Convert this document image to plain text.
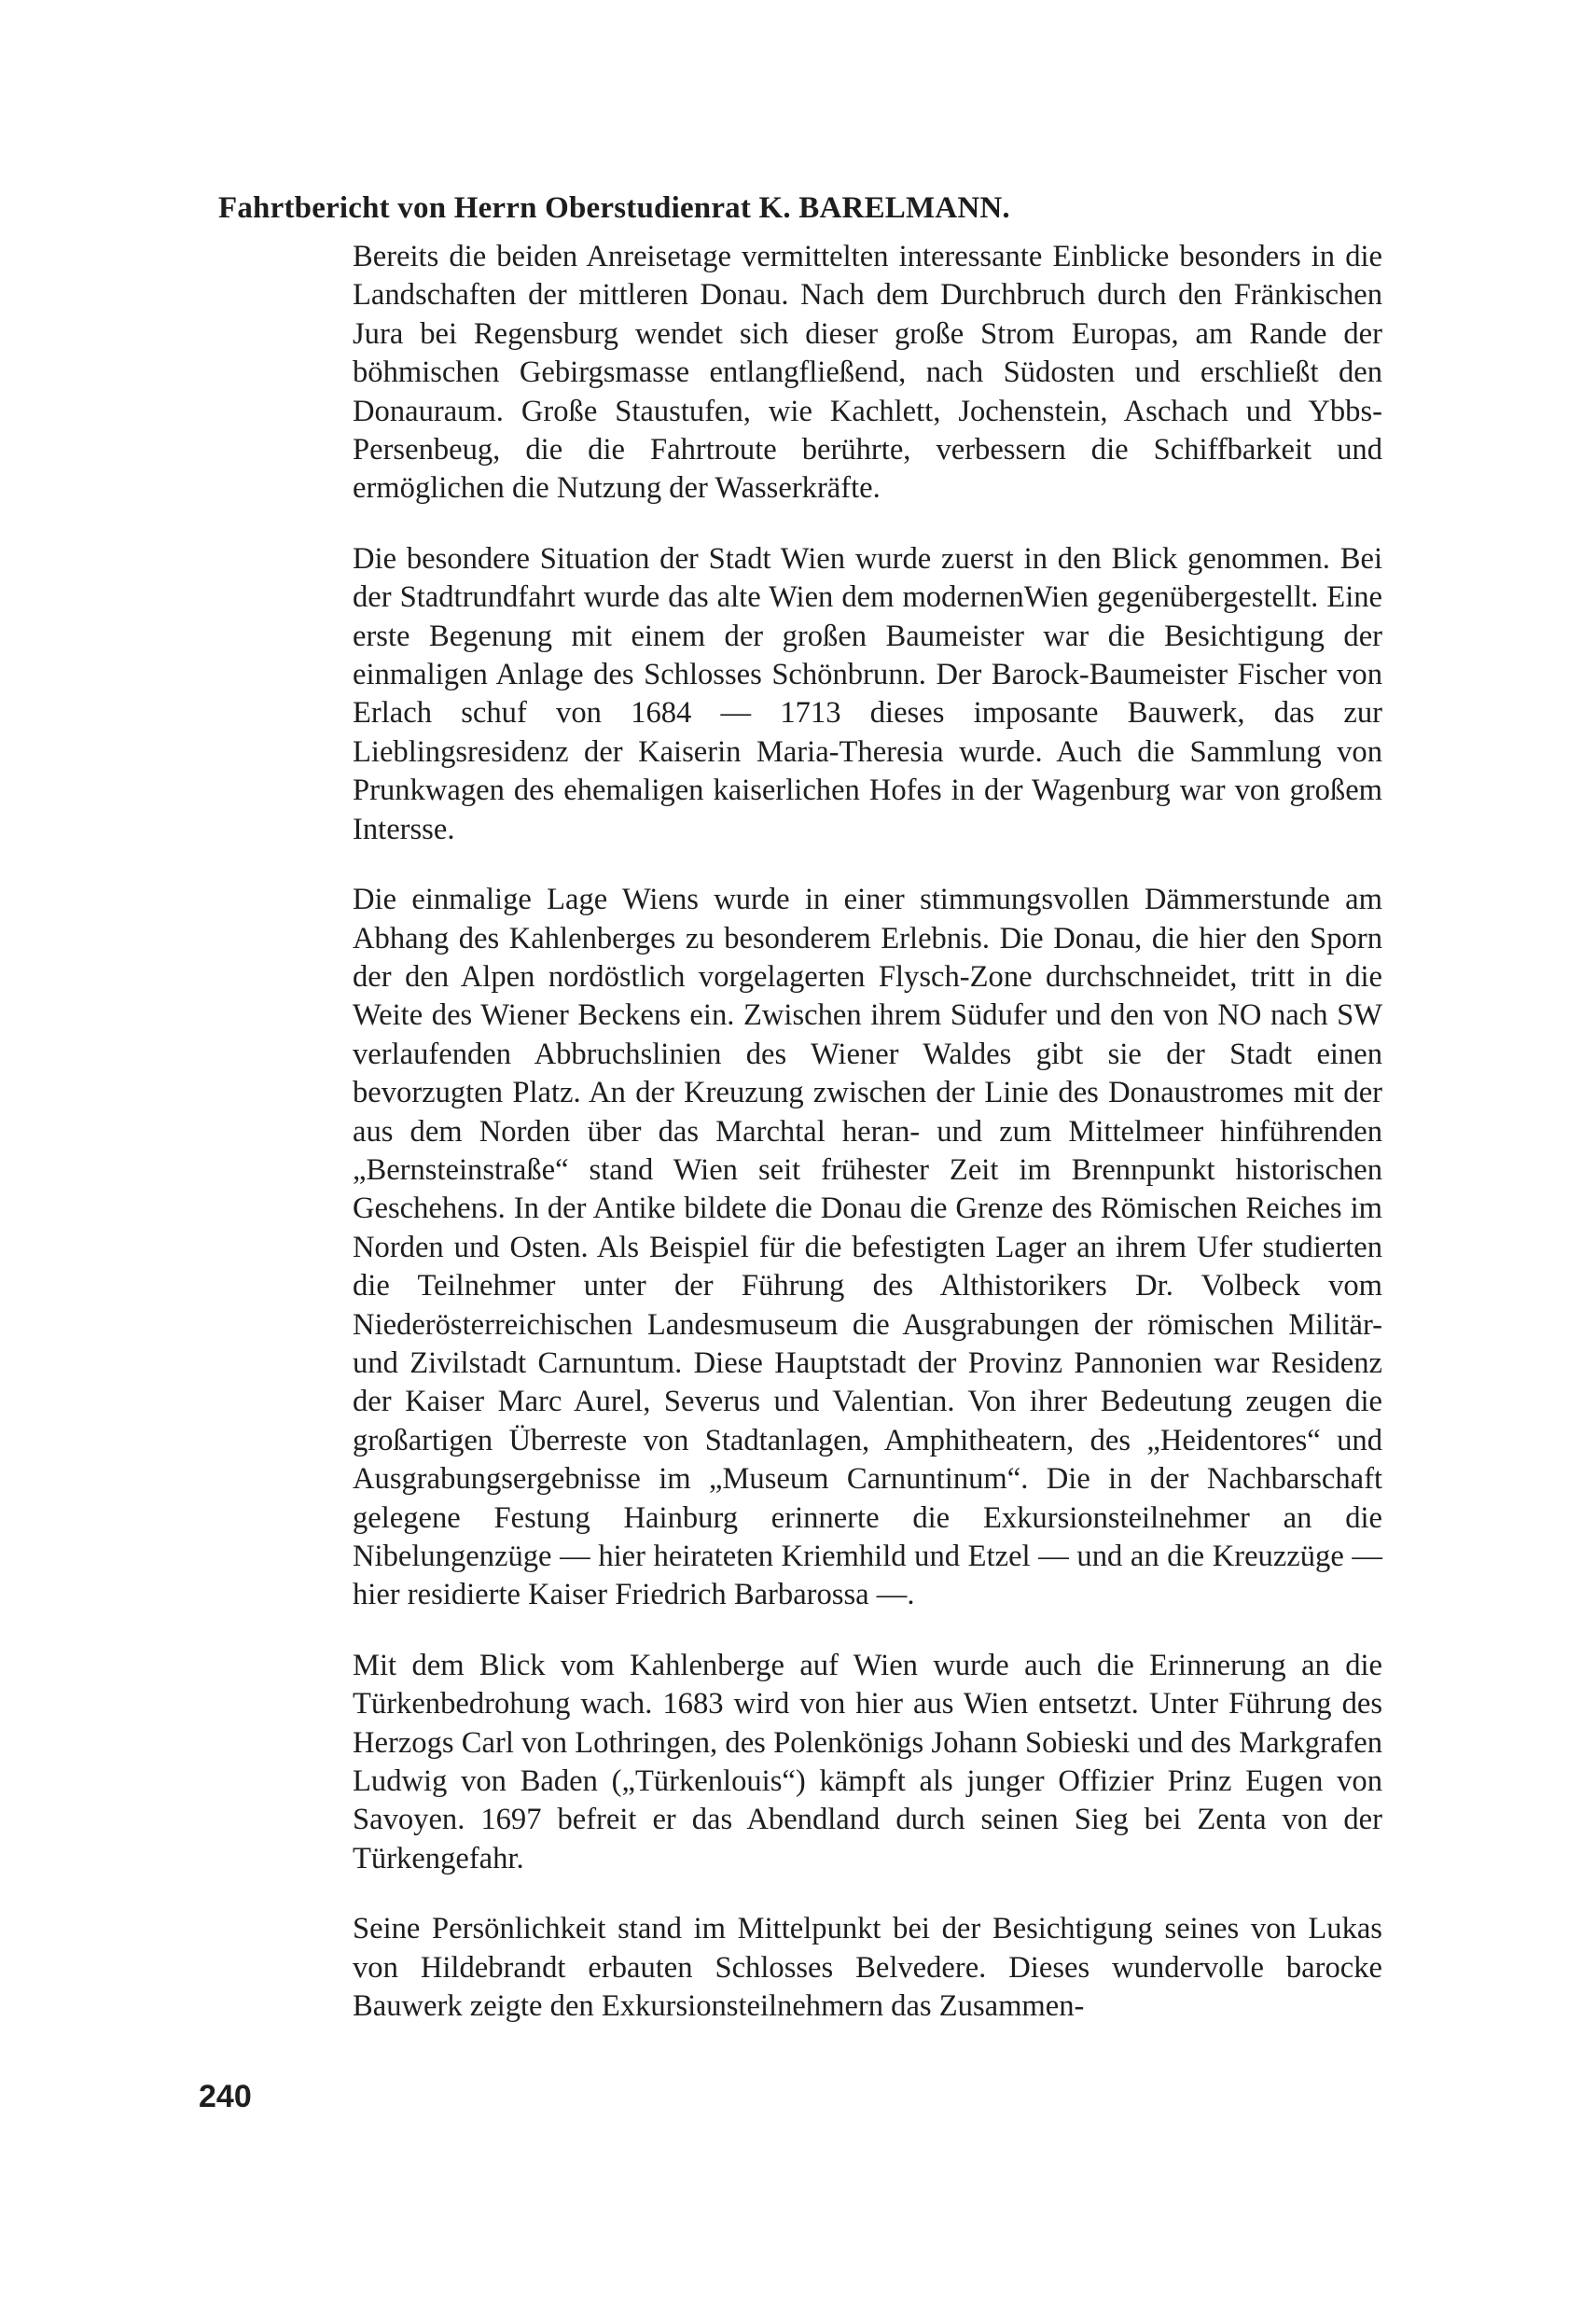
Fahrtbericht von Herrn Oberstudienrat K. BARELMANN.

Bereits die beiden Anreisetage vermittelten interessante Einblicke besonders in die Landschaften der mittleren Donau. Nach dem Durchbruch durch den Fränkischen Jura bei Regensburg wendet sich dieser große Strom Europas, am Rande der böhmischen Gebirgsmasse entlangfließend, nach Südosten und erschließt den Donauraum. Große Staustufen, wie Kachlett, Jochenstein, Aschach und Ybbs-Persenbeug, die die Fahrtroute berührte, verbessern die Schiffbarkeit und ermöglichen die Nutzung der Wasserkräfte.

Die besondere Situation der Stadt Wien wurde zuerst in den Blick genommen. Bei der Stadtrundfahrt wurde das alte Wien dem modernenWien gegenübergestellt. Eine erste Begenung mit einem der großen Baumeister war die Besichtigung der einmaligen Anlage des Schlosses Schönbrunn. Der Barock-Baumeister Fischer von Erlach schuf von 1684 — 1713 dieses imposante Bauwerk, das zur Lieblingsresidenz der Kaiserin Maria-Theresia wurde. Auch die Sammlung von Prunkwagen des ehemaligen kaiserlichen Hofes in der Wagenburg war von großem Intersse.

Die einmalige Lage Wiens wurde in einer stimmungsvollen Dämmerstunde am Abhang des Kahlenberges zu besonderem Erlebnis. Die Donau, die hier den Sporn der den Alpen nordöstlich vorgelagerten Flysch-Zone durchschneidet, tritt in die Weite des Wiener Beckens ein. Zwischen ihrem Südufer und den von NO nach SW verlaufenden Abbruchslinien des Wiener Waldes gibt sie der Stadt einen bevorzugten Platz. An der Kreuzung zwischen der Linie des Donaustromes mit der aus dem Norden über das Marchtal heran- und zum Mittelmeer hinführenden „Bernsteinstraße“ stand Wien seit frühester Zeit im Brennpunkt historischen Geschehens. In der Antike bildete die Donau die Grenze des Römischen Reiches im Norden und Osten. Als Beispiel für die befestigten Lager an ihrem Ufer studierten die Teilnehmer unter der Führung des Althistorikers Dr. Volbeck vom Niederösterreichischen Landesmuseum die Ausgrabungen der römischen Militär- und Zivilstadt Carnuntum. Diese Hauptstadt der Provinz Pannonien war Residenz der Kaiser Marc Aurel, Severus und Valentian. Von ihrer Bedeutung zeugen die großartigen Überreste von Stadtanlagen, Amphitheatern, des „Heidentores“ und Ausgrabungsergebnisse im „Museum Carnuntinum“. Die in der Nachbarschaft gelegene Festung Hainburg erinnerte die Exkursionsteilnehmer an die Nibelungenzüge — hier heirateten Kriemhild und Etzel — und an die Kreuzzüge — hier residierte Kaiser Friedrich Barbarossa —.

Mit dem Blick vom Kahlenberge auf Wien wurde auch die Erinnerung an die Türkenbedrohung wach. 1683 wird von hier aus Wien entsetzt. Unter Führung des Herzogs Carl von Lothringen, des Polenkönigs Johann Sobieski und des Markgrafen Ludwig von Baden („Türkenlouis“) kämpft als junger Offizier Prinz Eugen von Savoyen. 1697 befreit er das Abendland durch seinen Sieg bei Zenta von der Türkengefahr.

Seine Persönlichkeit stand im Mittelpunkt bei der Besichtigung seines von Lukas von Hildebrandt erbauten Schlosses Belvedere. Dieses wundervolle barocke Bauwerk zeigte den Exkursionsteilnehmern das Zusammen-

240
